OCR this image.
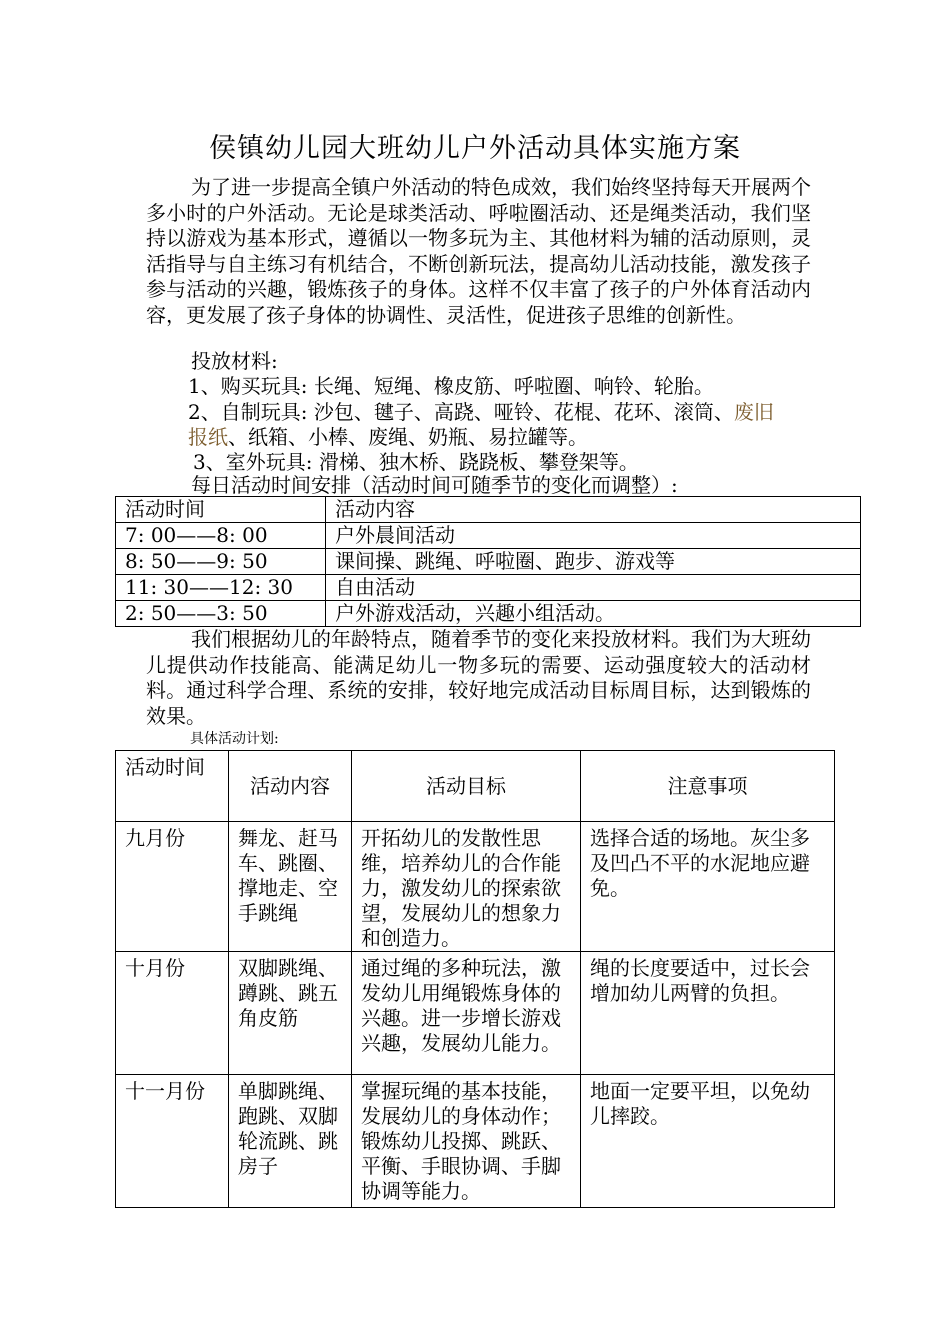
侯镇幼儿园大班幼儿户外活动具体实施方案

为了进一步提高全镇户外活动的特色成效，我们始终坚持每天开展两个多小时的户外活动。无论是球类活动、呼啦圈活动、还是绳类活动，我们坚持以游戏为基本形式，遵循以一物多玩为主、其他材料为辅的活动原则，灵活指导与自主练习有机结合，不断创新玩法，提高幼儿活动技能，激发孩子参与活动的兴趣，锻炼孩子的身体。这样不仅丰富了孩子的户外体育活动内容，更发展了孩子身体的协调性、灵活性，促进孩子思维的创新性。

投放材料:
1、购买玩具: 长绳、短绳、橡皮筋、呼啦圈、响铃、轮胎。
2、自制玩具: 沙包、毽子、高跷、哑铃、花棍、花环、滚筒、废旧
报纸、纸箱、小棒、废绳、奶瓶、易拉罐等。
3、室外玩具: 滑梯、独木桥、跷跷板、攀登架等。
每日活动时间安排（活动时间可随季节的变化而调整）:
活动时间	活动内容
7: 00——8: 00	户外晨间活动
8: 50——9: 50	课间操、跳绳、呼啦圈、跑步、游戏等
11: 30——12: 30	自由活动
2: 50——3: 50	户外游戏活动，兴趣小组活动。

我们根据幼儿的年龄特点，随着季节的变化来投放材料。我们为大班幼儿提供动作技能高、能满足幼儿一物多玩的需要、运动强度较大的活动材料。通过科学合理、系统的安排，较好地完成活动目标周目标，达到锻炼的效果。

具体活动计划:
活动时间	活动内容	活动目标	注意事项
九月份	舞龙、赶马车、跳圈、撑地走、空手跳绳	开拓幼儿的发散性思维，培养幼儿的合作能力，激发幼儿的探索欲望，发展幼儿的想象力和创造力。	选择合适的场地。灰尘多及凹凸不平的水泥地应避免。
十月份	双脚跳绳、蹲跳、跳五角皮筋	通过绳的多种玩法，激发幼儿用绳锻炼身体的兴趣。进一步增长游戏兴趣，发展幼儿能力。	绳的长度要适中，过长会增加幼儿两臂的负担。
十一月份	单脚跳绳、跑跳、双脚轮流跳、跳房子	掌握玩绳的基本技能，发展幼儿的身体动作；锻炼幼儿投掷、跳跃、平衡、手眼协调、手脚协调等能力。	地面一定要平坦，以免幼儿摔跤。
